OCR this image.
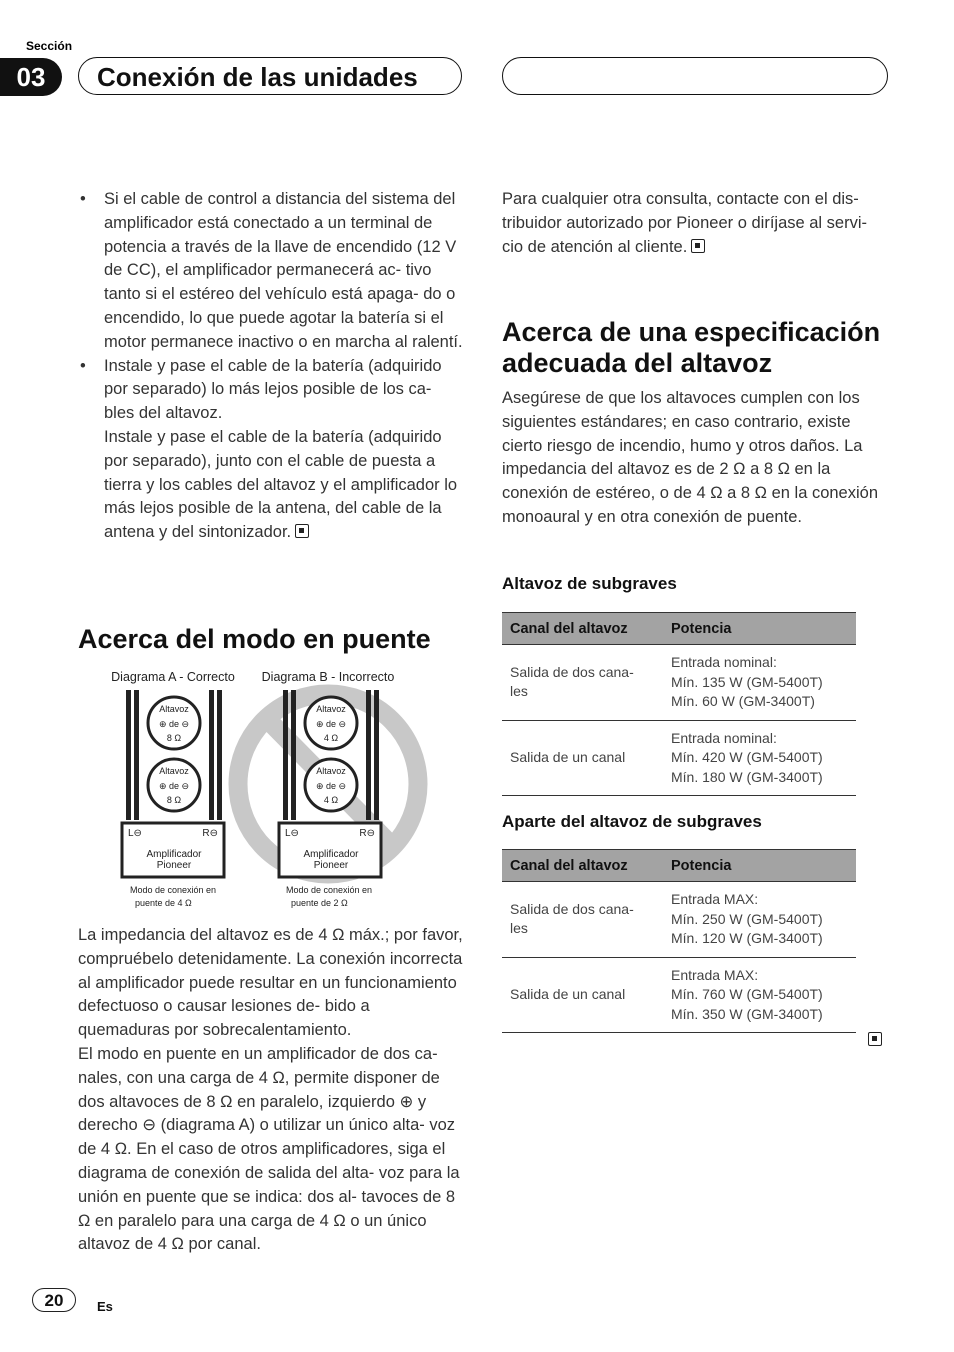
Sección
03	Conexión de las unidades
• Si el cable de control a distancia del sistema del amplificador está conectado a un terminal de potencia a través de la llave de encendido (12 V de CC), el amplificador permanecerá ac- tivo tanto si el estéreo del vehículo está apaga- do o encendido, lo que puede agotar la batería si el motor permanece inactivo o en marcha al ralentí.
• Instale y pase el cable de la batería (adquirido por separado) lo más lejos posible de los ca- bles del altavoz.
Instale y pase el cable de la batería (adquirido por separado), junto con el cable de puesta a tierra y los cables del altavoz y el amplificador lo más lejos posible de la antena, del cable de la antena y del sintonizador.
Acerca del modo en puente
Diagrama A - Correcto Diagrama B - Incorrecto
Altavoz
⊕ de ⊖
8 Ω
Altavoz
⊕ de ⊖
8 Ω
L⊖	R⊖
Amplificador
Pioneer
Modo de conexión en
puente de 4 Ω
Altavoz
⊕ de ⊖
4 Ω
Altavoz
⊕ de ⊖
4 Ω
L⊖	R⊖
Amplificador
Pioneer
Modo de conexión en
puente de 2 Ω
La impedancia del altavoz es de 4 Ω máx.; por favor, compruébelo detenidamente. La conexión incorrecta al amplificador puede resultar en un funcionamiento defectuoso o causar lesiones de- bido a quemaduras por sobrecalentamiento.
El modo en puente en un amplificador de dos ca- nales, con una carga de 4 Ω, permite disponer de dos altavoces de 8 Ω en paralelo, izquierdo ⊕ y derecho ⊖ (diagrama A) o utilizar un único alta- voz de 4 Ω. En el caso de otros amplificadores, siga el diagrama de conexión de salida del alta- voz para la unión en puente que se indica: dos al- tavoces de 8 Ω en paralelo para una carga de 4 Ω o un único altavoz de 4 Ω por canal.
Para cualquier otra consulta, contacte con el dis- tribuidor autorizado por Pioneer o diríjase al servi- cio de atención al cliente.
Acerca de una especificación
adecuada del altavoz
Asegúrese de que los altavoces cumplen con los siguientes estándares; en caso contrario, existe cierto riesgo de incendio, humo y otros daños. La impedancia del altavoz es de 2 Ω a 8 Ω en la conexión de estéreo, o de 4 Ω a 8 Ω en la conexión monoaural y en otra conexión de puente.
Altavoz de subgraves
Canal del altavoz	Potencia
Salida de dos cana- les	Entrada nominal:
Mín. 135 W (GM-5400T)
Mín. 60 W (GM-3400T)

Salida de un canal	Entrada nominal:
Mín. 420 W (GM-5400T)
Mín. 180 W (GM-3400T)
Aparte del altavoz de subgraves
Canal del altavoz	Potencia
Salida de dos cana- les	Entrada MAX:
Mín. 250 W (GM-5400T)
Mín. 120 W (GM-3400T)

Salida de un canal	Entrada MAX:
Mín. 760 W (GM-5400T)
Mín. 350 W (GM-3400T)
20	Es
